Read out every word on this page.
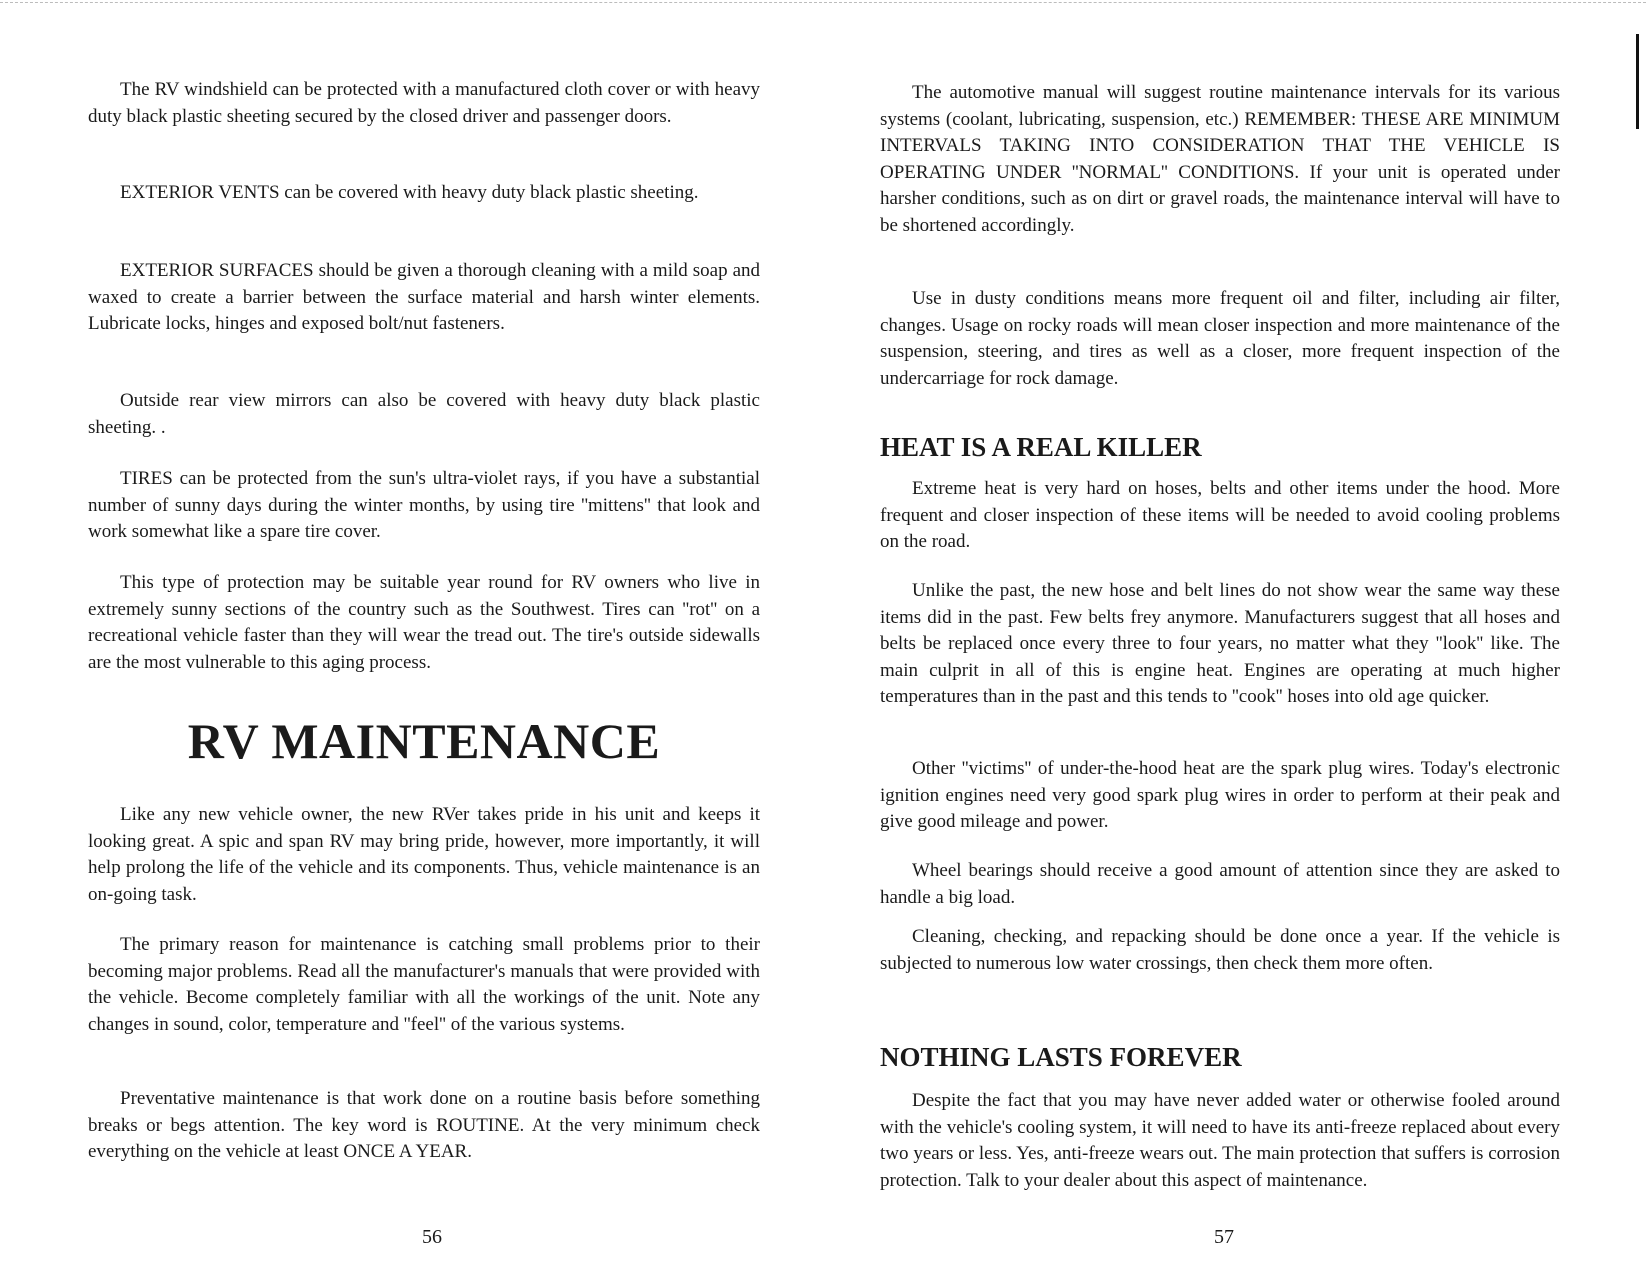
The RV windshield can be protected with a manufactured cloth cover or with heavy duty black plastic sheeting secured by the closed driver and passenger doors.

EXTERIOR VENTS can be covered with heavy duty black plastic sheeting.

EXTERIOR SURFACES should be given a thorough cleaning with a mild soap and waxed to create a barrier between the surface material and harsh winter elements. Lubricate locks, hinges and exposed bolt/nut fasteners.

Outside rear view mirrors can also be covered with heavy duty black plastic sheeting. .

TIRES can be protected from the sun's ultra-violet rays, if you have a substantial number of sunny days during the winter months, by using tire ''mittens'' that look and work somewhat like a spare tire cover.

This type of protection may be suitable year round for RV owners who live in extremely sunny sections of the country such as the Southwest. Tires can ''rot'' on a recreational vehicle faster than they will wear the tread out. The tire's outside sidewalls are the most vulnerable to this aging process.

RV MAINTENANCE

Like any new vehicle owner, the new RVer takes pride in his unit and keeps it looking great. A spic and span RV may bring pride, however, more importantly, it will help prolong the life of the vehicle and its components. Thus, vehicle maintenance is an on-going task.

The primary reason for maintenance is catching small problems prior to their becoming major problems. Read all the manufacturer's manuals that were provided with the vehicle. Become completely familiar with all the workings of the unit. Note any changes in sound, color, temperature and ''feel'' of the various systems.

Preventative maintenance is that work done on a routine basis before something breaks or begs attention. The key word is ROUTINE. At the very minimum check everything on the vehicle at least ONCE A YEAR.

56

The automotive manual will suggest routine maintenance intervals for its various systems (coolant, lubricating, suspension, etc.) REMEMBER: THESE ARE MINIMUM INTERVALS TAKING INTO CONSIDERATION THAT THE VEHICLE IS OPERATING UNDER ''NORMAL'' CONDITIONS. If your unit is operated under harsher conditions, such as on dirt or gravel roads, the maintenance interval will have to be shortened accordingly.

Use in dusty conditions means more frequent oil and filter, including air filter, changes. Usage on rocky roads will mean closer inspection and more maintenance of the suspension, steering, and tires as well as a closer, more frequent inspection of the undercarriage for rock damage.

HEAT IS A REAL KILLER

Extreme heat is very hard on hoses, belts and other items under the hood. More frequent and closer inspection of these items will be needed to avoid cooling problems on the road.

Unlike the past, the new hose and belt lines do not show wear the same way these items did in the past. Few belts frey anymore. Manufacturers suggest that all hoses and belts be replaced once every three to four years, no matter what they ''look'' like. The main culprit in all of this is engine heat. Engines are operating at much higher temperatures than in the past and this tends to ''cook'' hoses into old age quicker.

Other ''victims'' of under-the-hood heat are the spark plug wires. Today's electronic ignition engines need very good spark plug wires in order to perform at their peak and give good mileage and power.

Wheel bearings should receive a good amount of attention since they are asked to handle a big load.

Cleaning, checking, and repacking should be done once a year. If the vehicle is subjected to numerous low water crossings, then check them more often.

NOTHING LASTS FOREVER

Despite the fact that you may have never added water or otherwise fooled around with the vehicle's cooling system, it will need to have its anti-freeze replaced about every two years or less. Yes, anti-freeze wears out. The main protection that suffers is corrosion protection. Talk to your dealer about this aspect of maintenance.

57
